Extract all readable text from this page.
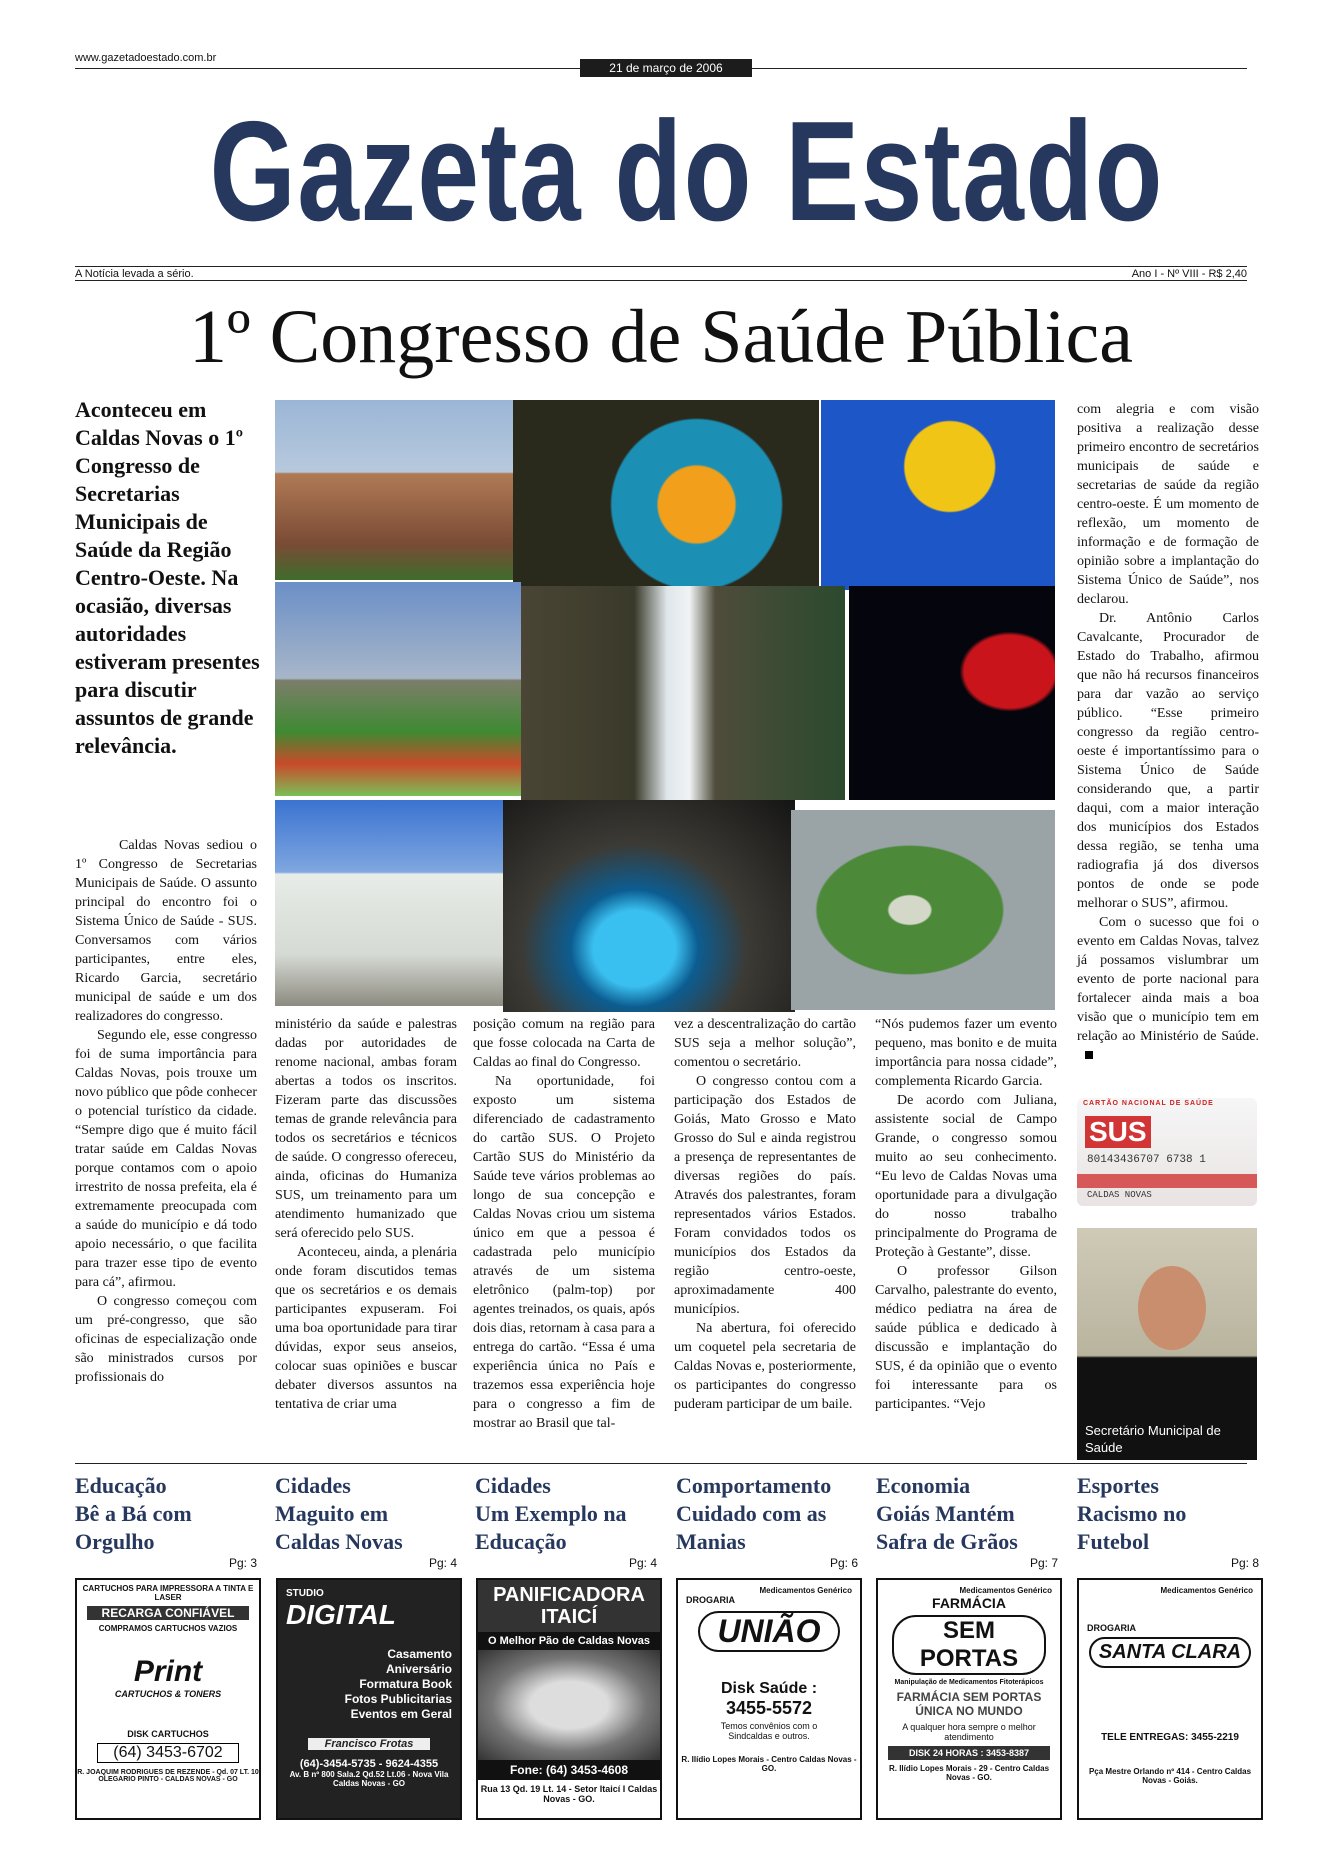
www.gazetadoestado.com.br
21 de março de 2006
Gazeta do Estado
A Notícia levada a sério.	Ano I - Nº VIII - R$ 2,40
1º Congresso de Saúde Pública
Aconteceu em Caldas Novas o 1º Congresso de Secretarias Municipais de Saúde da Região Centro-Oeste. Na ocasião, diversas autoridades estiveram presentes para discutir assuntos de grande relevância.

Caldas Novas sediou o 1º Congresso de Secretarias Municipais de Saúde. O assunto principal do encontro foi o Sistema Único de Saúde - SUS. Conversamos com vários participantes, entre eles, Ricardo Garcia, secretário municipal de saúde e um dos realizadores do congresso.

Segundo ele, esse congresso foi de suma importância para Caldas Novas, pois trouxe um novo público que pôde conhecer o potencial turístico da cidade. “Sempre digo que é muito fácil tratar saúde em Caldas Novas porque contamos com o apoio irrestrito de nossa prefeita, ela é extremamente preocupada com a saúde do município e dá todo apoio necessário, o que facilita para trazer esse tipo de evento para cá”, afirmou.

O congresso começou com um pré-congresso, que são oficinas de especialização onde são ministrados cursos por profissionais do

ministério da saúde e palestras dadas por autoridades de renome nacional, ambas foram abertas a todos os inscritos. Fizeram parte das discussões temas de grande relevância para todos os secretários e técnicos de saúde. O congresso ofereceu, ainda, oficinas do Humaniza SUS, um treinamento para um atendimento humanizado que será oferecido pelo SUS.

Aconteceu, ainda, a plenária onde foram discutidos temas que os secretários e os demais participantes expuseram. Foi uma boa oportunidade para tirar dúvidas, expor seus anseios, colocar suas opiniões e buscar debater diversos assuntos na tentativa de criar uma

posição comum na região para que fosse colocada na Carta de Caldas ao final do Congresso.

Na oportunidade, foi exposto um sistema diferenciado de cadastramento do cartão SUS. O Projeto Cartão SUS do Ministério da Saúde teve vários problemas ao longo de sua concepção e Caldas Novas criou um sistema único em que a pessoa é cadastrada pelo município através de um sistema eletrônico (palm-top) por agentes treinados, os quais, após dois dias, retornam à casa para a entrega do cartão. “Essa é uma experiência única no País e trazemos essa experiência hoje para o congresso a fim de mostrar ao Brasil que tal-

vez a descentralização do cartão SUS seja a melhor solução”, comentou o secretário.

O congresso contou com a participação dos Estados de Goiás, Mato Grosso e Mato Grosso do Sul e ainda registrou a presença de representantes de diversas regiões do país. Através dos palestrantes, foram representados vários Estados. Foram convidados todos os municípios dos Estados da região centro-oeste, aproximadamente 400 municípios.

Na abertura, foi oferecido um coquetel pela secretaria de Caldas Novas e, posteriormente, os participantes do congresso puderam participar de um baile.

“Nós pudemos fazer um evento pequeno, mas bonito e de muita importância para nossa cidade”, complementa Ricardo Garcia.

De acordo com Juliana, assistente social de Campo Grande, o congresso somou muito ao seu conhecimento. “Eu levo de Caldas Novas uma oportunidade para a divulgação do nosso trabalho principalmente do Programa de Proteção à Gestante”, disse.

O professor Gilson Carvalho, palestrante do evento, médico pediatra na área de saúde pública e dedicado à discussão e implantação do SUS, é da opinião que o evento foi interessante para os participantes. “Vejo

com alegria e com visão positiva a realização desse primeiro encontro de secretários municipais de saúde e secretarias de saúde da região centro-oeste. É um momento de reflexão, um momento de informação e de formação de opinião sobre a implantação do Sistema Único de Saúde”, nos declarou.

Dr. Antônio Carlos Cavalcante, Procurador de Estado do Trabalho, afirmou que não há recursos financeiros para dar vazão ao serviço público. “Esse primeiro congresso da região centro-oeste é importantíssimo para o Sistema Único de Saúde considerando que, a partir daqui, com a maior interação dos municípios dos Estados dessa região, se tenha uma radiografia já dos diversos pontos de onde se pode melhorar o SUS”, afirmou.

Com o sucesso que foi o evento em Caldas Novas, talvez já possamos vislumbrar um evento de porte nacional para fortalecer ainda mais a boa visão que o município tem em relação ao Ministério de Saúde.

CARTÃO NACIONAL DE SAÚDE
SUS
80143436707 6738 1
CALDAS NOVAS
Secretário Municipal de Saúde
Educação
Bê a Bá com Orgulho
Pg: 3
Cidades
Maguito em Caldas Novas
Pg: 4
Cidades
Um Exemplo na Educação
Pg: 4
Comportamento
Cuidado com as Manias
Pg: 6
Economia
Goiás Mantém Safra de Grãos
Pg: 7
Esportes
Racismo no Futebol
Pg: 8
CARTUCHOS PARA IMPRESSORA A TINTA E LASER
RECARGA CONFIÁVEL
COMPRAMOS CARTUCHOS VAZIOS
Print
CARTUCHOS & TONERS
DISK CARTUCHOS
(64) 3453-6702
R. JOAQUIM RODRIGUES DE REZENDE - Qd. 07 LT. 10 OLEGARIO PINTO - CALDAS NOVAS - GO
STUDIO
DIGITAL
Casamento Aniversário Formatura Book Fotos Publicitarias Eventos em Geral
Francisco Frotas
(64)-3454-5735 - 9624-4355
Av. B nº 800 Sala.2 Qd.52 Lt.06 - Nova Vila Caldas Novas - GO
PANIFICADORA ITAICÍ
O Melhor Pão de Caldas Novas
Fone: (64) 3453-4608
Rua 13 Qd. 19 Lt. 14 - Setor Itaicí I Caldas Novas - GO.
Medicamentos Genérico
DROGARIA
UNIÃO
Disk Saúde :
3455-5572
Temos convênios com o Sindcaldas e outros.
R. Ilídio Lopes Morais - Centro Caldas Novas - GO.
Medicamentos Genérico
FARMÁCIA
SEM PORTAS
Manipulação de Medicamentos Fitoterápicos
FARMÁCIA SEM PORTAS ÚNICA NO MUNDO
A qualquer hora sempre o melhor atendimento
DISK 24 HORAS : 3453-8387
R. Ilídio Lopes Morais - 29 - Centro Caldas Novas - GO.
Medicamentos Genérico
DROGARIA
SANTA CLARA
TELE ENTREGAS: 3455-2219
Pça Mestre Orlando nº 414 - Centro Caldas Novas - Goiás.
